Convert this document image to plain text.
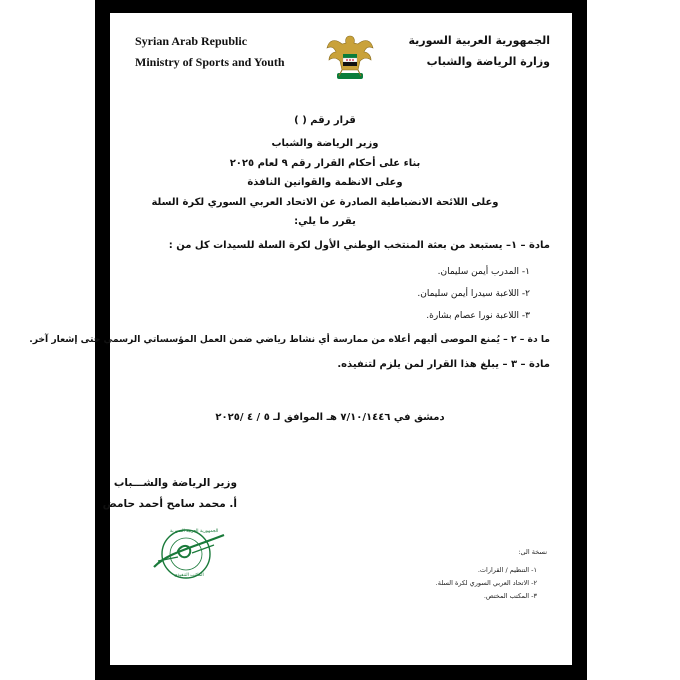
Syrian Arab Republic
Ministry of Sports and Youth
الجمهورية العربية السورية
وزارة الرياضة والشباب
قرار رقم ( )
وزير الرياضة والشباب
بناء على أحكام القرار رقم ٩ لعام ٢٠٢٥
وعلى الانظمة والقوانين النافذة
وعلى اللائحة الانضباطية الصادرة عن الاتحاد العربي السوري لكرة السلة
يقرر ما يلي:
مادة – ١– يستبعد من بعثة المنتخب الوطني الأول لكرة السلة للسيدات كل من :
١- المدرب أيمن سليمان.
٢- اللاعبة سيدرا أيمن سليمان.
٣- اللاعبة نورا عصام بشارة.
ما دة – ٢ – يُمنع الموصى أليهم أعلاه من ممارسة أي نشاط رياضي ضمن العمل المؤسساتي الرسمي حتى إشعار آخر.
مادة – ٣ – يبلغ هذا القرار لمن يلزم لتنفيذه.
دمشق في ٧/١٠/١٤٤٦ هـ الموافق لـ ٥ / ٤ /٢٠٢٥
وزير الرياضة والشـــباب
أ. محمد سامح أحمد حامض
الجمهورية العربية السورية
المكتب التنفيذي
نسخة الى:
١- التنظيم / القرارات.
٢- الاتحاد العربي السوري لكرة السلة.
٣- المكتب المختص.
